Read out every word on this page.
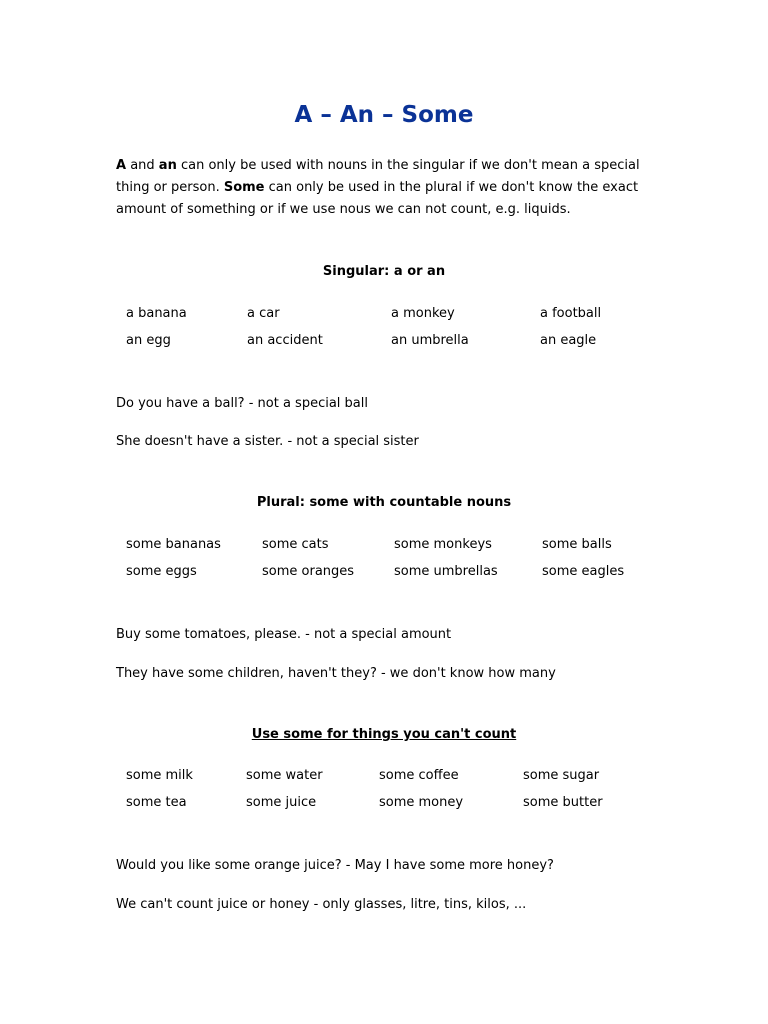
A – An – Some
A and an can only be used with nouns in the singular if we don't mean a special thing or person. Some can only be used in the plural if we don't know the exact amount of something or if we use nous we can not count, e.g. liquids.
Singular: a or an
a banana	a car	a monkey	a football
an egg	an accident	an umbrella	an eagle
Do you have a ball? - not a special ball
She doesn't have a sister. - not a special sister
Plural: some with countable nouns
some bananas	some cats	some monkeys	some balls
some eggs	some oranges	some umbrellas	some eagles
Buy some tomatoes, please. - not a special amount
They have some children, haven't they? - we don't know how many
Use some for things you can't count
some milk	some water	some coffee	some sugar
some tea	some juice	some money	some butter
Would you like some orange juice? - May I have some more honey?
We can't count juice or honey - only glasses, litre, tins, kilos, ...
